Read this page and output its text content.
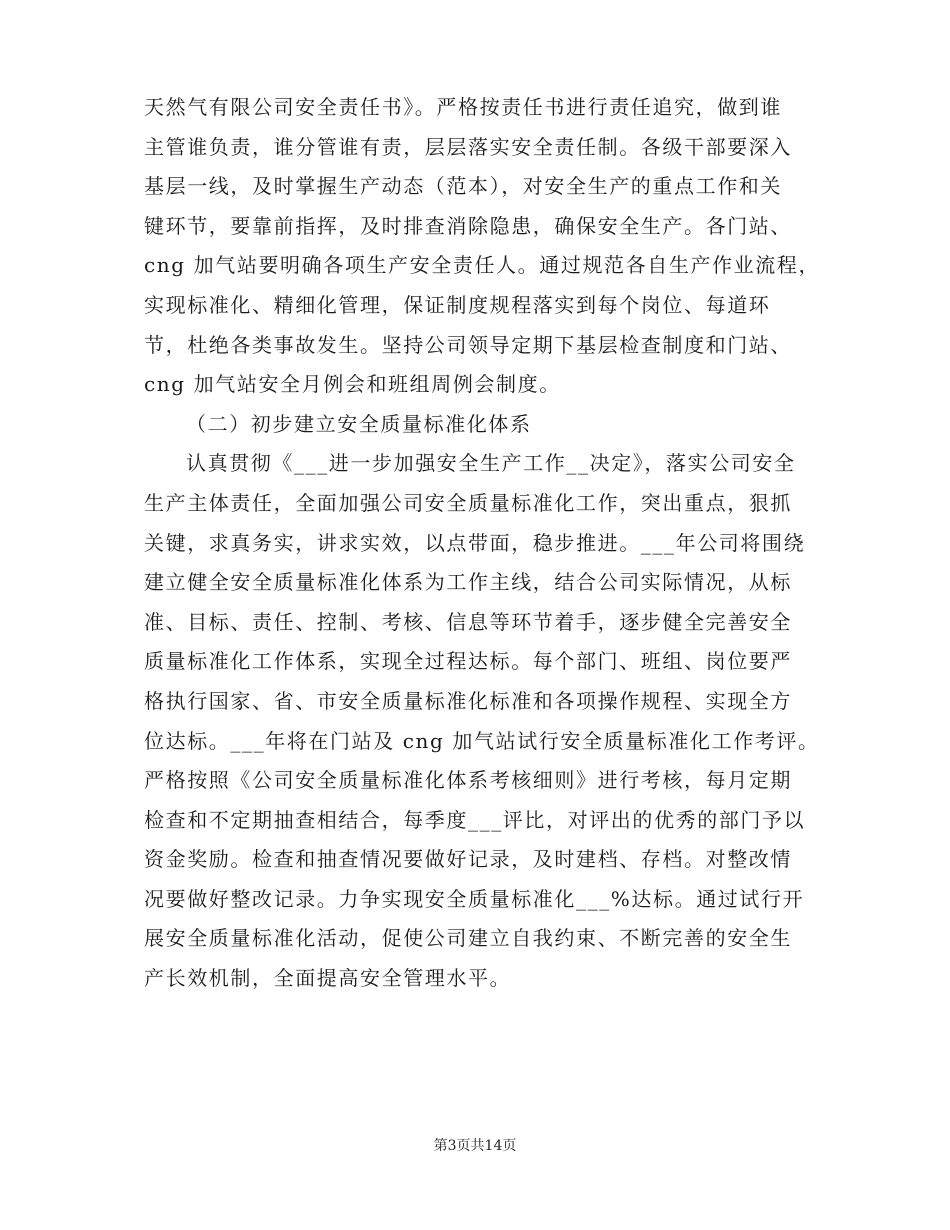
天然气有限公司安全责任书》。严格按责任书进行责任追究，做到谁
主管谁负责，谁分管谁有责，层层落实安全责任制。各级干部要深入
基层一线，及时掌握生产动态（范本），对安全生产的重点工作和关
键环节，要靠前指挥，及时排查消除隐患，确保安全生产。各门站、
cng 加气站要明确各项生产安全责任人。通过规范各自生产作业流程，
实现标准化、精细化管理，保证制度规程落实到每个岗位、每道环
节，杜绝各类事故发生。坚持公司领导定期下基层检查制度和门站、
cng 加气站安全月例会和班组周例会制度。
（二）初步建立安全质量标准化体系
认真贯彻《___进一步加强安全生产工作__决定》，落实公司安全
生产主体责任，全面加强公司安全质量标准化工作，突出重点，狠抓
关键，求真务实，讲求实效，以点带面，稳步推进。___年公司将围绕
建立健全安全质量标准化体系为工作主线，结合公司实际情况，从标
准、目标、责任、控制、考核、信息等环节着手，逐步健全完善安全
质量标准化工作体系，实现全过程达标。每个部门、班组、岗位要严
格执行国家、省、市安全质量标准化标准和各项操作规程、实现全方
位达标。___年将在门站及 cng 加气站试行安全质量标准化工作考评。
严格按照《公司安全质量标准化体系考核细则》进行考核，每月定期
检查和不定期抽查相结合，每季度___评比，对评出的优秀的部门予以
资金奖励。检查和抽查情况要做好记录，及时建档、存档。对整改情
况要做好整改记录。力争实现安全质量标准化___%达标。通过试行开
展安全质量标准化活动，促使公司建立自我约束、不断完善的安全生
产长效机制，全面提高安全管理水平。
第3页共14页
